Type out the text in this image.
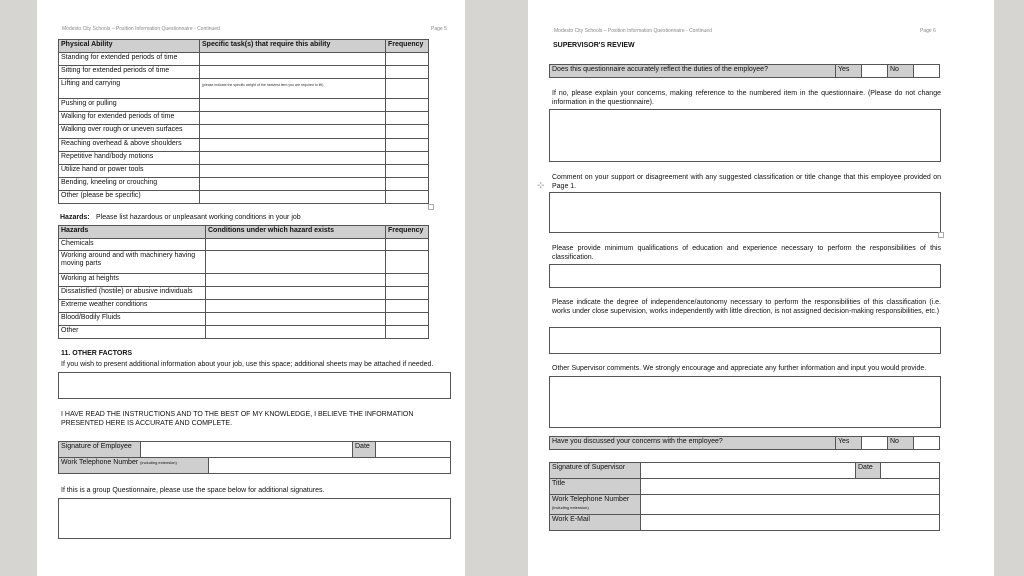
Modesto City Schools – Position Information Questionnaire - Continued	Page 5
Physical Ability	Specific task(s) that require this ability	Frequency
Standing for extended periods of time
Sitting for extended periods of time
Lifting and carrying	(please indicate the specific weight of the heaviest item you are required to lift)
Pushing or pulling
Walking for extended periods of time
Walking over rough or uneven surfaces
Reaching overhead & above shoulders
Repetitive hand/body motions
Utilize hand or power tools
Bending, kneeling or crouching
Other (please be specific)
Hazards: Please list hazardous or unpleasant working conditions in your job
Hazards	Conditions under which hazard exists	Frequency
Chemicals
Working around and with machinery having moving parts
Working at heights
Dissatisfied (hostile) or abusive individuals
Extreme weather conditions
Blood/Bodily Fluids
Other
11. OTHER FACTORS
If you wish to present additional information about your job, use this space; additional sheets may be attached if needed.
I HAVE READ THE INSTRUCTIONS AND TO THE BEST OF MY KNOWLEDGE, I BELIEVE THE INFORMATION PRESENTED HERE IS ACCURATE AND COMPLETE.
Signature of Employee	Date
Work Telephone Number (including extension)
If this is a group Questionnaire, please use the space below for additional signatures.
Modesto City Schools – Position Information Questionnaire - Continued	Page 6
SUPERVISOR'S REVIEW
Does this questionnaire accurately reflect the duties of the employee?	Yes	No
If no, please explain your concerns, making reference to the numbered item in the questionnaire. (Please do not change information in the questionnaire).
Comment on your support or disagreement with any suggested classification or title change that this employee provided on Page 1.
⊹
Please provide minimum qualifications of education and experience necessary to perform the responsibilities of this classification.
Please indicate the degree of independence/autonomy necessary to perform the responsibilities of this classification (i.e. works under close supervision, works independently with little direction, is not assigned decision-making responsibilities, etc.)
Other Supervisor comments. We strongly encourage and appreciate any further information and input you would provide.
Have you discussed your concerns with the employee?	Yes	No
Signature of Supervisor	Date
Title
Work Telephone Number
(including extension)
Work E-Mail
